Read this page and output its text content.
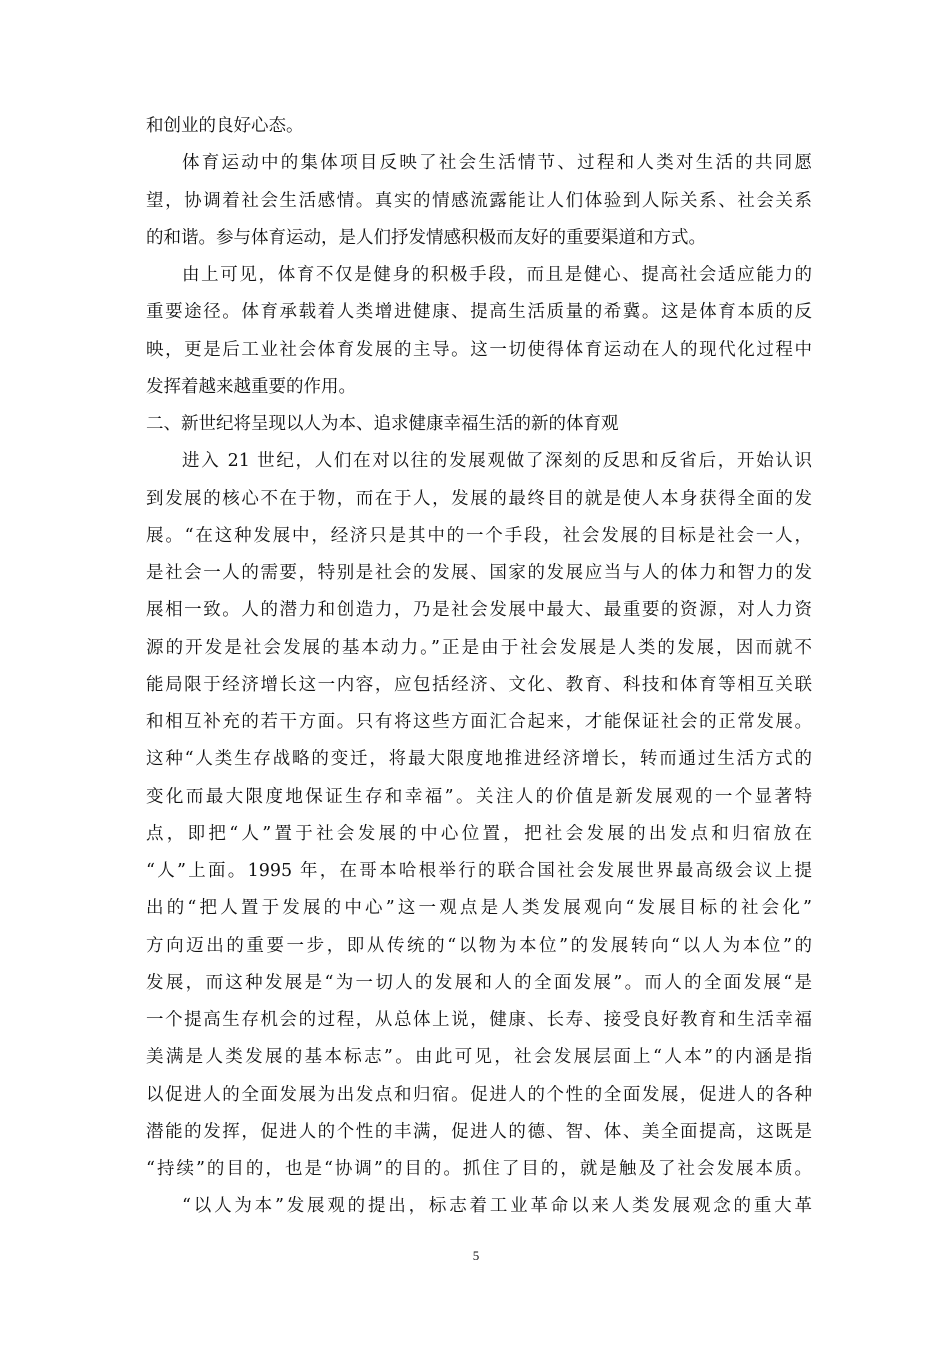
和创业的良好心态。
体育运动中的集体项目反映了社会生活情节、过程和人类对生活的共同愿
望，协调着社会生活感情。真实的情感流露能让人们体验到人际关系、社会关系
的和谐。参与体育运动，是人们抒发情感积极而友好的重要渠道和方式。
由上可见，体育不仅是健身的积极手段，而且是健心、提高社会适应能力的
重要途径。体育承载着人类增进健康、提高生活质量的希冀。这是体育本质的反
映，更是后工业社会体育发展的主导。这一切使得体育运动在人的现代化过程中
发挥着越来越重要的作用。
二、新世纪将呈现以人为本、追求健康幸福生活的新的体育观
进入 21 世纪，人们在对以往的发展观做了深刻的反思和反省后，开始认识
到发展的核心不在于物，而在于人，发展的最终目的就是使人本身获得全面的发
展。“在这种发展中，经济只是其中的一个手段，社会发展的目标是社会一人，
是社会一人的需要，特别是社会的发展、国家的发展应当与人的体力和智力的发
展相一致。人的潜力和创造力，乃是社会发展中最大、最重要的资源，对人力资
源的开发是社会发展的基本动力。”正是由于社会发展是人类的发展，因而就不
能局限于经济增长这一内容，应包括经济、文化、教育、科技和体育等相互关联
和相互补充的若干方面。只有将这些方面汇合起来，才能保证社会的正常发展。
这种“人类生存战略的变迁，将最大限度地推进经济增长，转而通过生活方式的
变化而最大限度地保证生存和幸福”。关注人的价值是新发展观的一个显著特
点，即把“人”置于社会发展的中心位置，把社会发展的出发点和归宿放在
“人”上面。1995 年，在哥本哈根举行的联合国社会发展世界最高级会议上提
出的“把人置于发展的中心”这一观点是人类发展观向“发展目标的社会化”
方向迈出的重要一步，即从传统的“以物为本位”的发展转向“以人为本位”的
发展，而这种发展是“为一切人的发展和人的全面发展”。而人的全面发展“是
一个提高生存机会的过程，从总体上说，健康、长寿、接受良好教育和生活幸福
美满是人类发展的基本标志”。由此可见，社会发展层面上“人本”的内涵是指
以促进人的全面发展为出发点和归宿。促进人的个性的全面发展，促进人的各种
潜能的发挥，促进人的个性的丰满，促进人的德、智、体、美全面提高，这既是
“持续”的目的，也是“协调”的目的。抓住了目的，就是触及了社会发展本质。
“以人为本”发展观的提出，标志着工业革命以来人类发展观念的重大革
5
